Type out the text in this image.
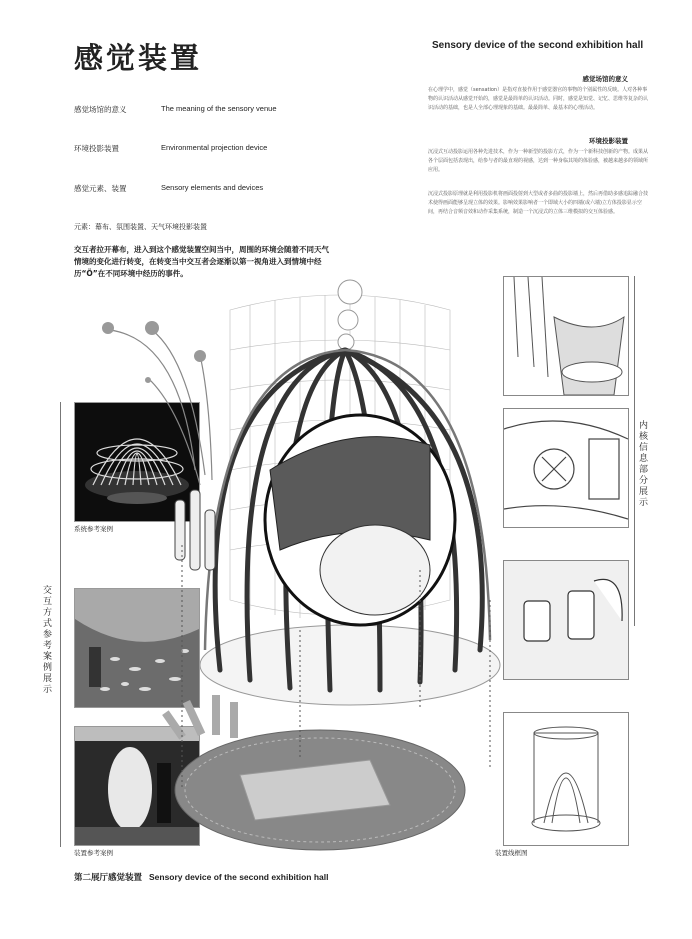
感觉装置	Sensory device of the second exhibition hall
感觉场馆的意义	The meaning of the sensory venue
环境投影装置	Environmental projection device
感觉元素、装置	Sensory elements and devices
元素：幕布、氛围装置、天气环境投影装置
交互者拉开幕布，进入到这个感觉装置空间当中，周围的环境会随着不同天气情境的变化进行转变，在转变当中交互者会逐渐以第一视角进入到情境中经历“Ö”在不同环境中经历的事件。
感觉场馆的意义
在心理学中，感觉（sensation）是指对直接作用于感觉器官的事物的个别属性的反映。人对各种事物的认识活动从感觉开始的，感觉是最简单的认识活动。同时，感觉是知觉、记忆、思维等复杂的认识活动的基础，也是人全部心理现象的基础。最最简单、最基本的心理活动。
环境投影装置
沉浸式互动投影运用各种先进技术，作为一种新型的投影方式，作为一个新科技创新的产物。成果从各个层面包括表现出，给参与者的最直观的视感，达到一种身临其境的体验感，被越来越多的领域所应用。
沉浸式投影原理就是利用投影机将画面投射到大型或者多曲的投影墙上，然后再借助多感追踪融合技术使得画面能够呈现立体的效果。影响效果影响者一个即域大小的四墙(或六墙)立方体投影显示空间，再结合音频音效和动作采集系统，制造一个沉浸式的立体三维模拟的交互体验感。
交互方式参考案例展示
系统参考案例
装置参考案例
内核信息部分展示
装置线框图
第二展厅感觉装置 Sensory device of the second exhibition hall
